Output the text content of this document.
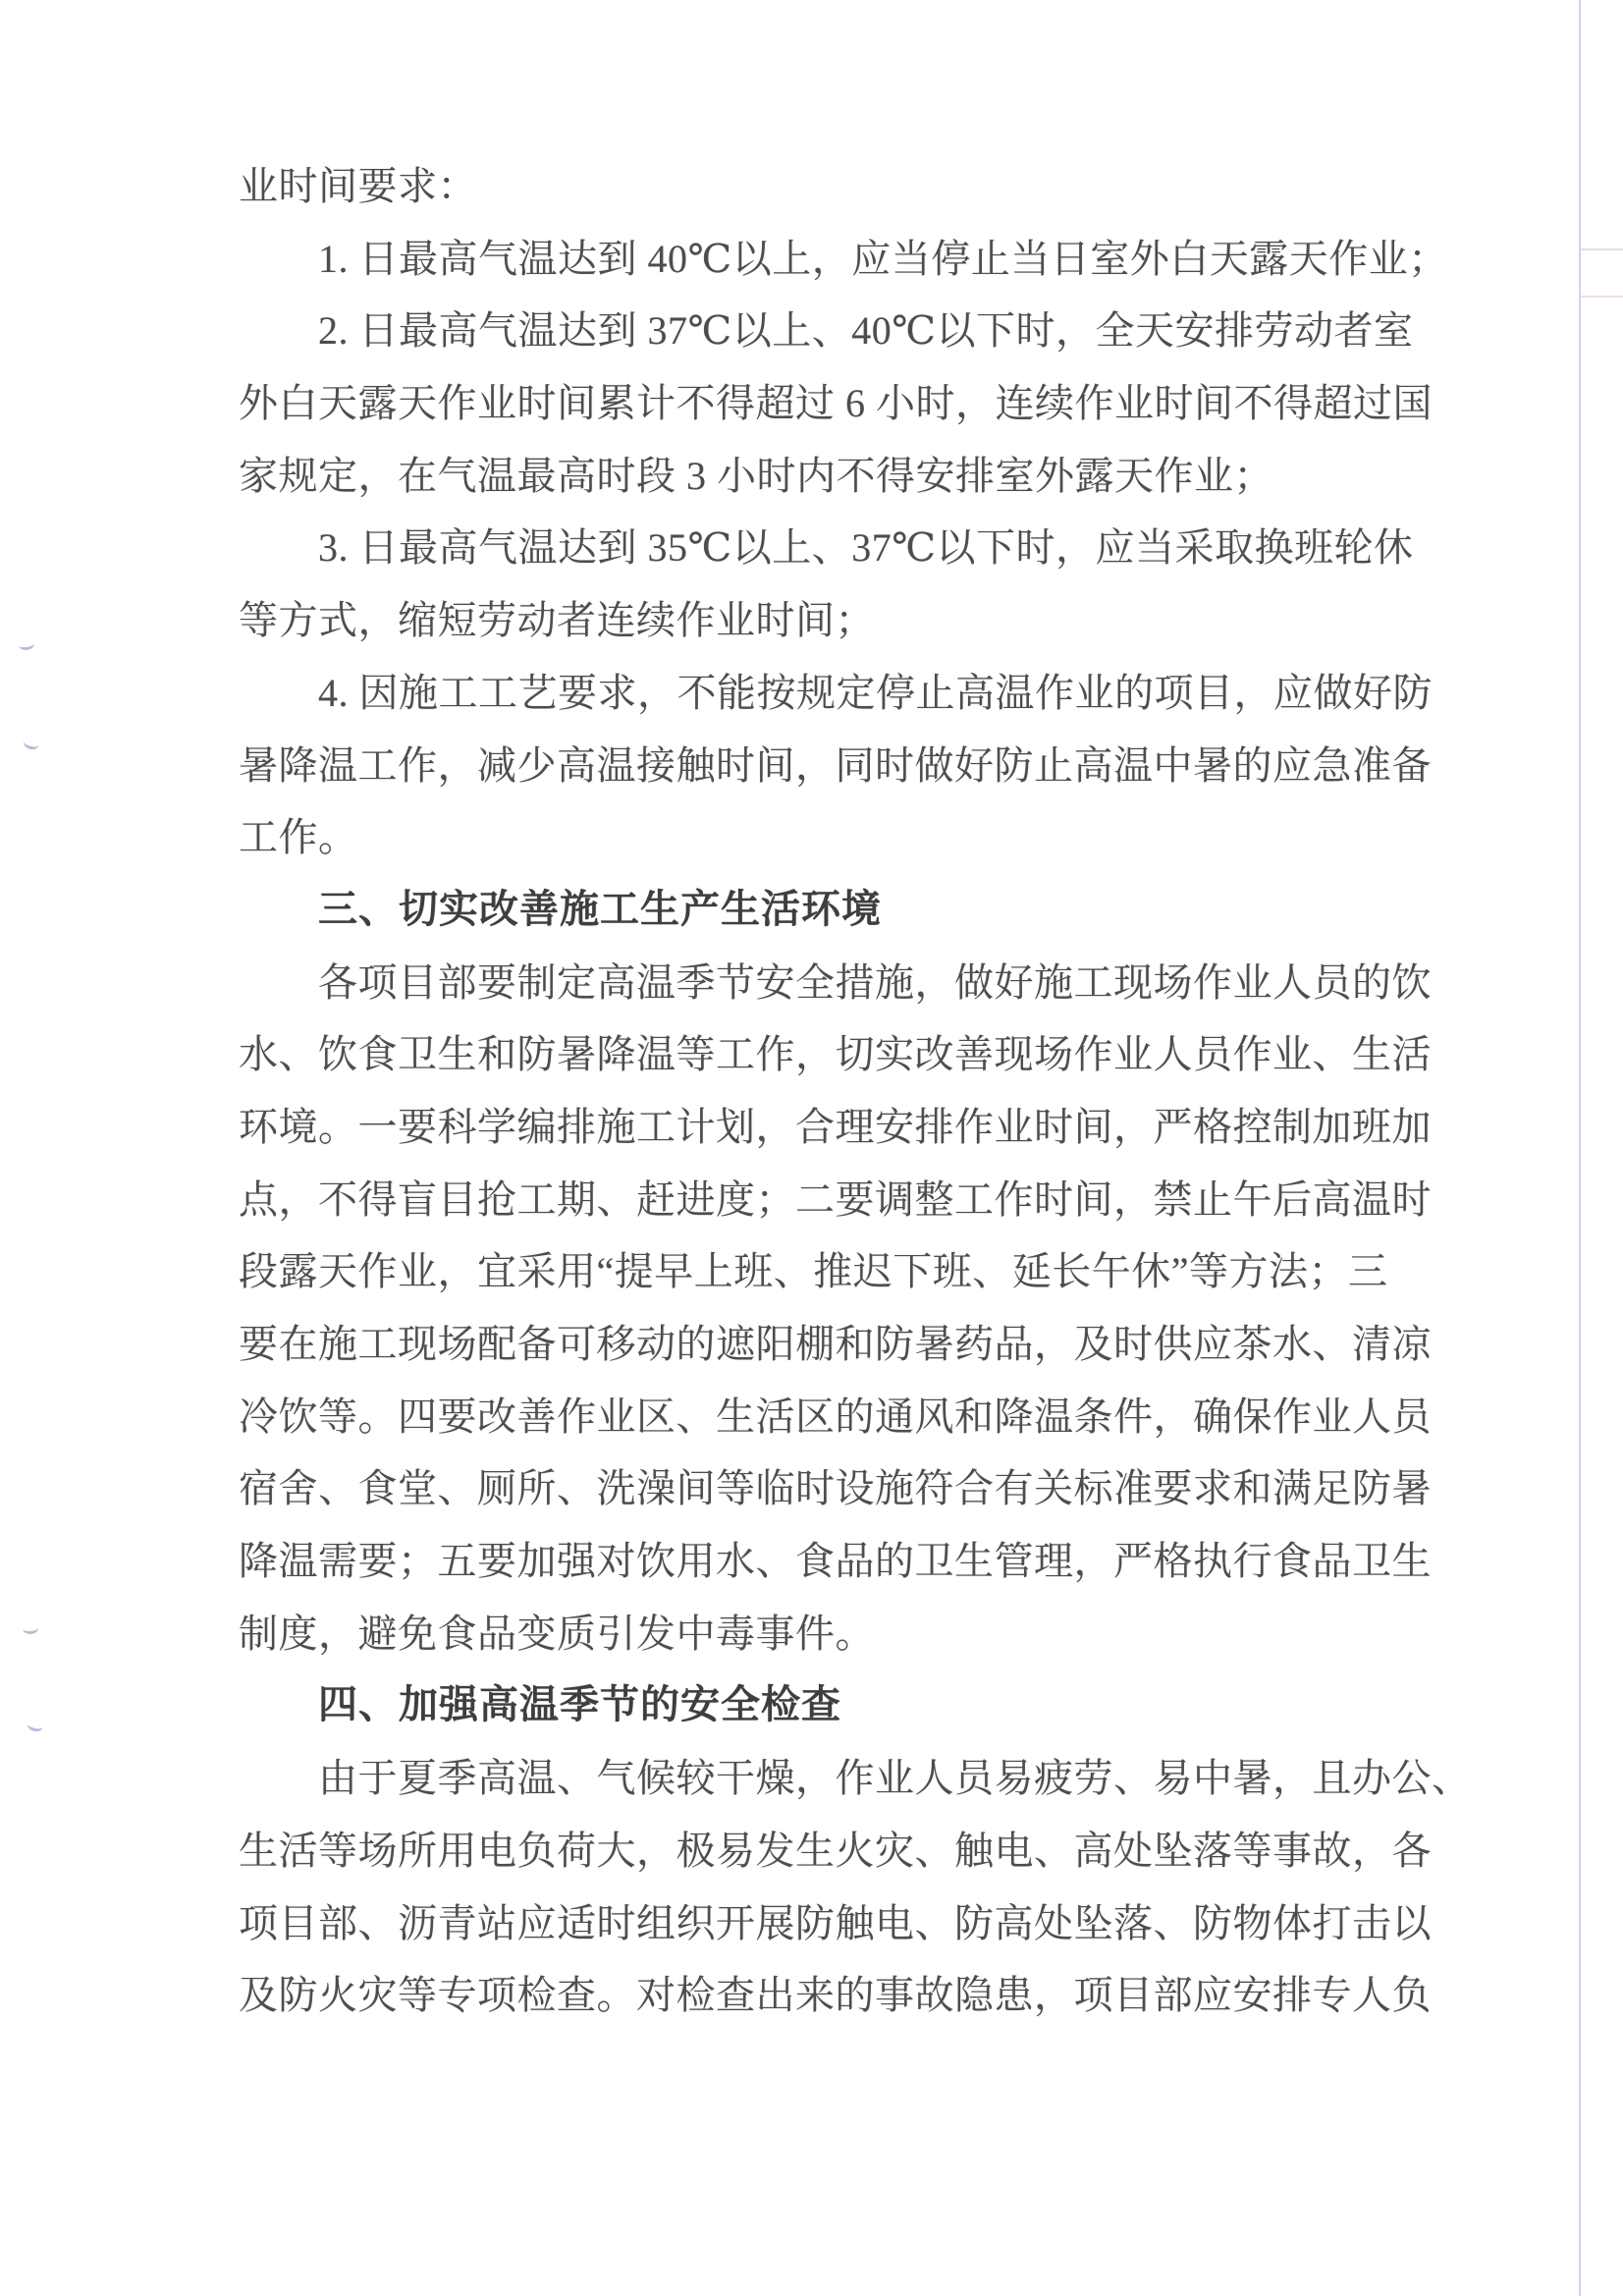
业时间要求：
1. 日最高气温达到 40℃以上，应当停止当日室外白天露天作业；
2. 日最高气温达到 37℃以上、40℃以下时，全天安排劳动者室
外白天露天作业时间累计不得超过 6 小时，连续作业时间不得超过国
家规定，在气温最高时段 3 小时内不得安排室外露天作业；
3. 日最高气温达到 35℃以上、37℃以下时，应当采取换班轮休
等方式，缩短劳动者连续作业时间；
4. 因施工工艺要求，不能按规定停止高温作业的项目，应做好防
暑降温工作，减少高温接触时间，同时做好防止高温中暑的应急准备
工作。
三、切实改善施工生产生活环境
各项目部要制定高温季节安全措施，做好施工现场作业人员的饮
水、饮食卫生和防暑降温等工作，切实改善现场作业人员作业、生活
环境。一要科学编排施工计划，合理安排作业时间，严格控制加班加
点，不得盲目抢工期、赶进度；二要调整工作时间，禁止午后高温时
段露天作业，宜采用“提早上班、推迟下班、延长午休”等方法；三
要在施工现场配备可移动的遮阳棚和防暑药品，及时供应茶水、清凉
冷饮等。四要改善作业区、生活区的通风和降温条件，确保作业人员
宿舍、食堂、厕所、洗澡间等临时设施符合有关标准要求和满足防暑
降温需要；五要加强对饮用水、食品的卫生管理，严格执行食品卫生
制度，避免食品变质引发中毒事件。
四、加强高温季节的安全检查
由于夏季高温、气候较干燥，作业人员易疲劳、易中暑，且办公、
生活等场所用电负荷大，极易发生火灾、触电、高处坠落等事故，各
项目部、沥青站应适时组织开展防触电、防高处坠落、防物体打击以
及防火灾等专项检查。对检查出来的事故隐患，项目部应安排专人负
